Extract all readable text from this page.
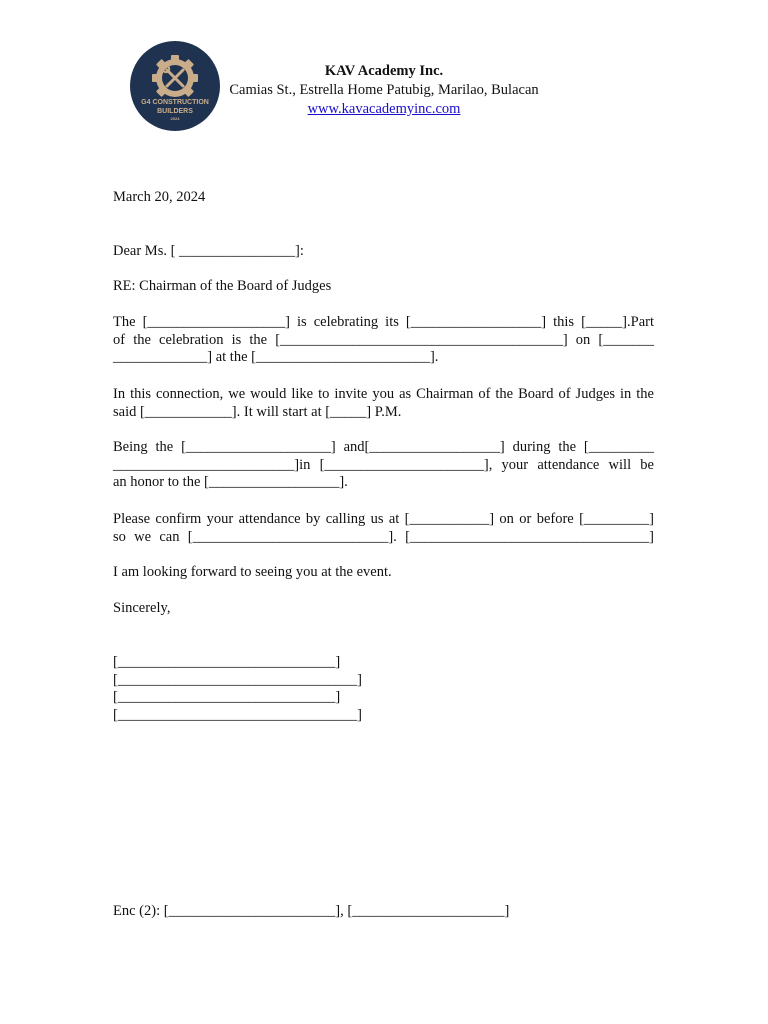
G4 CONSTRUCTION
BUILDERS
2024
KAV Academy Inc.
Camias St., Estrella Home Patubig, Marilao, Bulacan
www.kavacademyinc.com
March 20, 2024
Dear Ms. [ ________________]:
RE: Chairman of the Board of Judges
The [___________________] is celebrating its [__________________] this [_____].Part
of the celebration is the [_______________________________________] on [_______
_____________] at the [________________________].
In this connection, we would like to invite you as Chairman of the Board of Judges in the
said [____________]. It will start at [_____] P.M.
Being the [____________________] and[__________________] during the [_________
_________________________]in [______________________], your attendance will be
an honor to the [__________________].
Please confirm your attendance by calling us at [___________] on or before [_________]
so we can [___________________________]. [_________________________________]
I am looking forward to seeing you at the event.
Sincerely,
[______________________________]
[_________________________________]
[______________________________]
[_________________________________]
Enc (2): [_______________________], [_____________________]
